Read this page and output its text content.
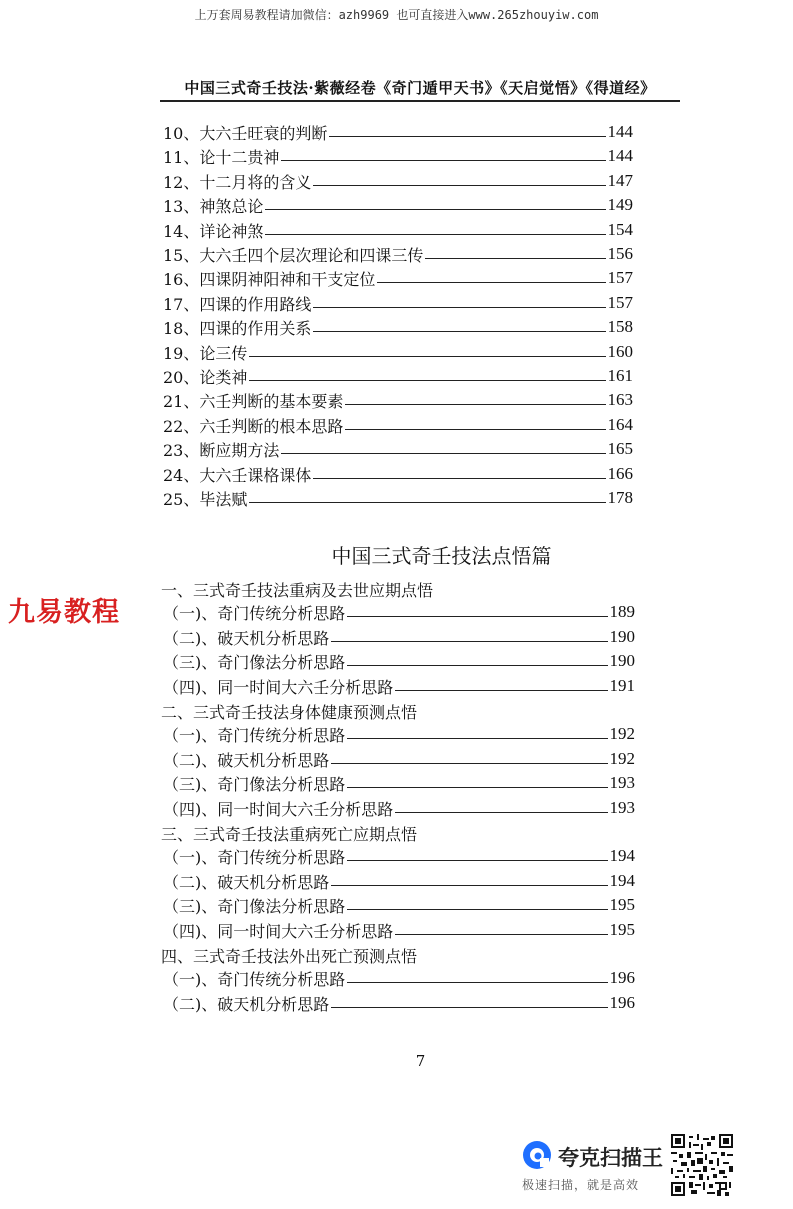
上万套周易教程请加微信：azh9969 也可直接进入www.265zhouyiw.com
中国三式奇壬技法·紫薇经卷《奇门遁甲天书》《天启觉悟》《得道经》
10、大六壬旺衰的判断	144
11、论十二贵神	144
12、十二月将的含义	147
13、神煞总论	149
14、详论神煞	154
15、大六壬四个层次理论和四课三传	156
16、四课阴神阳神和干支定位	157
17、四课的作用路线	157
18、四课的作用关系	158
19、论三传	160
20、论类神	161
21、六壬判断的基本要素	163
22、六壬判断的根本思路	164
23、断应期方法	165
24、大六壬课格课体	166
25、毕法赋	178
一、三式奇壬技法重病及去世应期点悟
（一)、奇门传统分析思路	189
（二)、破天机分析思路	190
（三)、奇门像法分析思路	190
（四)、同一时间大六壬分析思路	191
二、三式奇壬技法身体健康预测点悟
（一)、奇门传统分析思路	192
（二)、破天机分析思路	192
（三)、奇门像法分析思路	193
（四)、同一时间大六壬分析思路	193
三、三式奇壬技法重病死亡应期点悟
（一)、奇门传统分析思路	194
（二)、破天机分析思路	194
（三)、奇门像法分析思路	195
（四)、同一时间大六壬分析思路	195
四、三式奇壬技法外出死亡预测点悟
（一)、奇门传统分析思路	196
（二)、破天机分析思路	196
中国三式奇壬技法点悟篇
九易教程
7
夸克扫描王
极速扫描，就是高效
